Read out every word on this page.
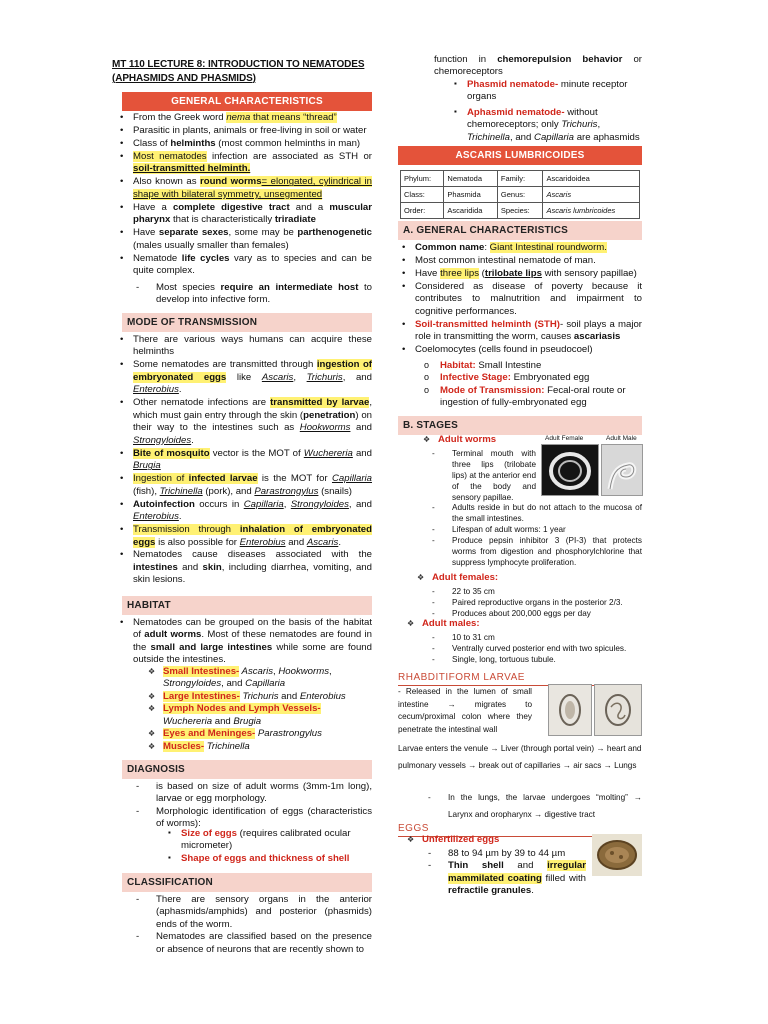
MT 110 LECTURE 8: INTRODUCTION TO NEMATODES
(APHASMIDS AND PHASMIDS)
GENERAL CHARACTERISTICS
• From the Greek word nema that means “thread”
• Parasitic in plants, animals or free-living in soil or water
• Class of helminths (most common helminths in man)
• Most nematodes infection are associated as STH or soil-transmitted helminth.
• Also known as round worms= elongated, cylindrical in shape with bilateral symmetry, unsegmented
• Have a complete digestive tract and a muscular pharynx that is characteristically triradiate
• Have separate sexes, some may be parthenogenetic (males usually smaller than females)
• Nematode life cycles vary as to species and can be quite complex.
- Most species require an intermediate host to develop into infective form.
MODE OF TRANSMISSION
• There are various ways humans can acquire these helminths
• Some nematodes are transmitted through ingestion of embryonated eggs like Ascaris, Trichuris, and Enterobius.
• Other nematode infections are transmitted by larvae, which must gain entry through the skin (penetration) on their way to the intestines such as Hookworms and Strongyloides.
• Bite of mosquito vector is the MOT of Wuchereria and Brugia
• Ingestion of infected larvae is the MOT for Capillaria (fish), Trichinella (pork), and Parastrongylus (snails)
• Autoinfection occurs in Capillaria, Strongyloides, and Enterobius.
• Transmission through inhalation of embryonated eggs is also possible for Enterobius and Ascaris.
• Nematodes cause diseases associated with the intestines and skin, including diarrhea, vomiting, and skin lesions.
HABITAT
• Nematodes can be grouped on the basis of the habitat of adult worms. Most of these nematodes are found in the small and large intestines while some are found outside the intestines.
❖ Small Intestines- Ascaris, Hookworms, Strongyloides, and Capillaria
❖ Large Intestines- Trichuris and Enterobius
❖ Lymph Nodes and Lymph Vessels- Wuchereria and Brugia
❖ Eyes and Meninges- Parastrongylus
❖ Muscles- Trichinella
DIAGNOSIS
- is based on size of adult worms (3mm-1m long), larvae or egg morphology.
- Morphologic identification of eggs (characteristics of worms):
▪ Size of eggs (requires calibrated ocular micrometer)
▪ Shape of eggs and thickness of shell
CLASSIFICATION
- There are sensory organs in the anterior (aphasmids/amphids) and posterior (phasmids) ends of the worm.
- Nematodes are classified based on the presence or absence of neurons that are recently shown to
function in chemorepulsion behavior or chemoreceptors
▪ Phasmid nematode- minute receptor organs
▪ Aphasmid nematode- without chemoreceptors; only Trichuris, Trichinella, and Capillaria are aphasmids
ASCARIS LUMBRICOIDES
Phylum:	Nematoda	Family:	Ascaridoidea
Class:	Phasmida	Genus:	Ascaris
Order:	Ascaridida	Species:	Ascaris lumbricoides
A. GENERAL CHARACTERISTICS
• Common name: Giant Intestinal roundworm.
• Most common intestinal nematode of man.
• Have three lips (trilobate lips with sensory papillae)
• Considered as disease of poverty because it contributes to malnutrition and impairment to cognitive performances.
• Soil-transmitted helminth (STH)- soil plays a major role in transmitting the worm, causes ascariasis
• Coelomocytes (cells found in pseudocoel)
o Habitat: Small Intestine
o Infective Stage: Embryonated egg
o Mode of Transmission: Fecal-oral route or ingestion of fully-embryonated egg
B. STAGES
❖ Adult worms
- Terminal mouth with three lips (trilobate lips) at the anterior end of the body and sensory papillae.
- Adults reside in but do not attach to the mucosa of the small intestines.
- Lifespan of adult worms: 1 year
- Produce pepsin inhibitor 3 (PI-3) that protects worms from digestion and phosphorylchlorine that suppress lymphocyte proliferation.
Adult Female	Adult Male
❖ Adult females:
- 22 to 35 cm
- Paired reproductive organs in the posterior 2/3.
- Produces about 200,000 eggs per day
❖ Adult males:
- 10 to 31 cm
- Ventrally curved posterior end with two spicules.
- Single, long, tortuous tubule.
RHABDITIFORM LARVAE
- Released in the lumen of small intestine → migrates to cecum/proximal colon where they penetrate the intestinal wall
Larvae enters the venule → Liver (through portal vein) → heart and pulmonary vessels → break out of capillaries → air sacs → Lungs
- In the lungs, the larvae undergoes “molting” → Larynx and oropharynx → digestive tract
EGGS
❖ Unfertilized eggs
- 88 to 94 µm by 39 to 44 µm
- Thin shell and irregular mammilated coating filled with refractile granules.
